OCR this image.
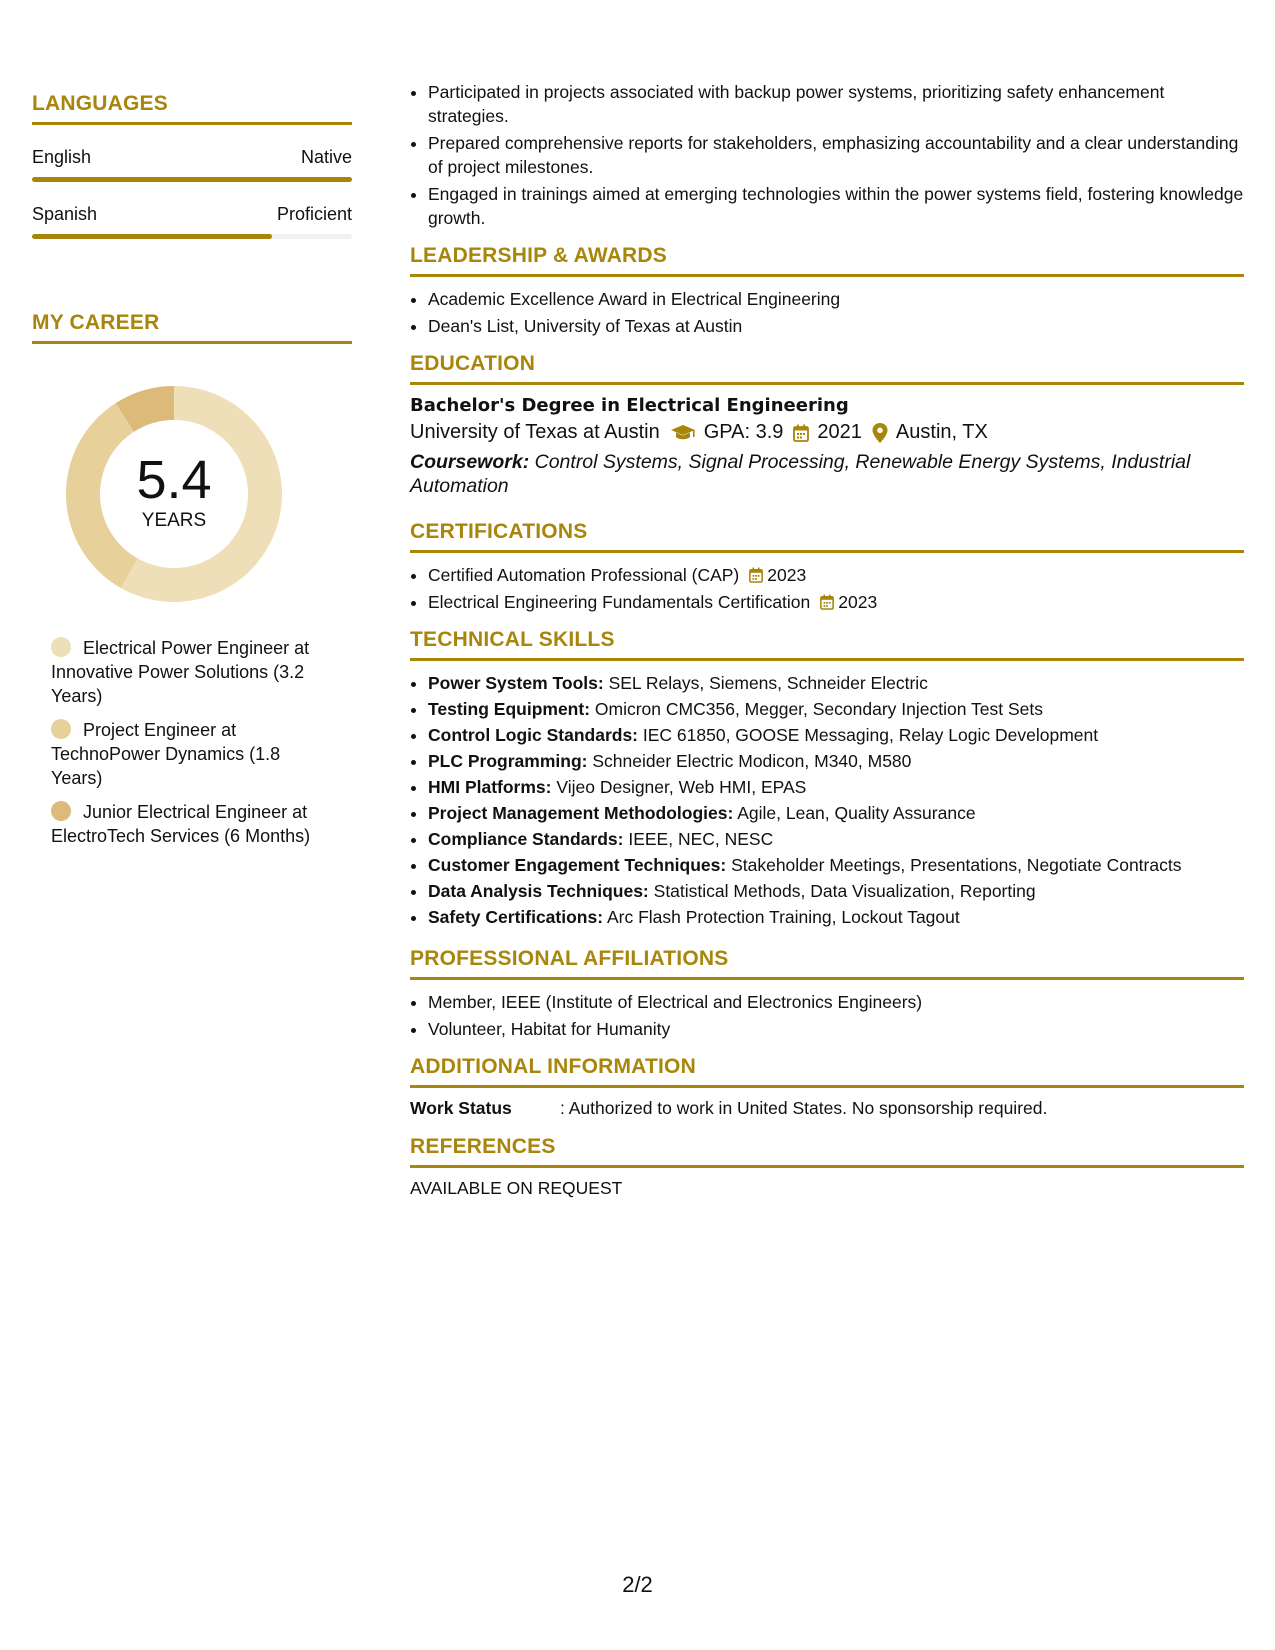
LANGUAGES
English	Native
Spanish	Proficient
MY CAREER
5.4
YEARS
Electrical Power Engineer at Innovative Power Solutions (3.2 Years)
Project Engineer at TechnoPower Dynamics (1.8 Years)
Junior Electrical Engineer at ElectroTech Services (6 Months)
• Participated in projects associated with backup power systems, prioritizing safety enhancement strategies.
• Prepared comprehensive reports for stakeholders, emphasizing accountability and a clear understanding of project milestones.
• Engaged in trainings aimed at emerging technologies within the power systems field, fostering knowledge growth.
LEADERSHIP & AWARDS
• Academic Excellence Award in Electrical Engineering
• Dean's List, University of Texas at Austin
EDUCATION
Bachelor's Degree in Electrical Engineering
University of Texas at Austin GPA: 3.9 2021 Austin, TX
Coursework: Control Systems, Signal Processing, Renewable Energy Systems, Industrial Automation
CERTIFICATIONS
• Certified Automation Professional (CAP) 2023
• Electrical Engineering Fundamentals Certification 2023
TECHNICAL SKILLS
• Power System Tools: SEL Relays, Siemens, Schneider Electric
• Testing Equipment: Omicron CMC356, Megger, Secondary Injection Test Sets
• Control Logic Standards: IEC 61850, GOOSE Messaging, Relay Logic Development
• PLC Programming: Schneider Electric Modicon, M340, M580
• HMI Platforms: Vijeo Designer, Web HMI, EPAS
• Project Management Methodologies: Agile, Lean, Quality Assurance
• Compliance Standards: IEEE, NEC, NESC
• Customer Engagement Techniques: Stakeholder Meetings, Presentations, Negotiate Contracts
• Data Analysis Techniques: Statistical Methods, Data Visualization, Reporting
• Safety Certifications: Arc Flash Protection Training, Lockout Tagout
PROFESSIONAL AFFILIATIONS
• Member, IEEE (Institute of Electrical and Electronics Engineers)
• Volunteer, Habitat for Humanity
ADDITIONAL INFORMATION
Work Status	: Authorized to work in United States. No sponsorship required.
REFERENCES
AVAILABLE ON REQUEST
2/2
